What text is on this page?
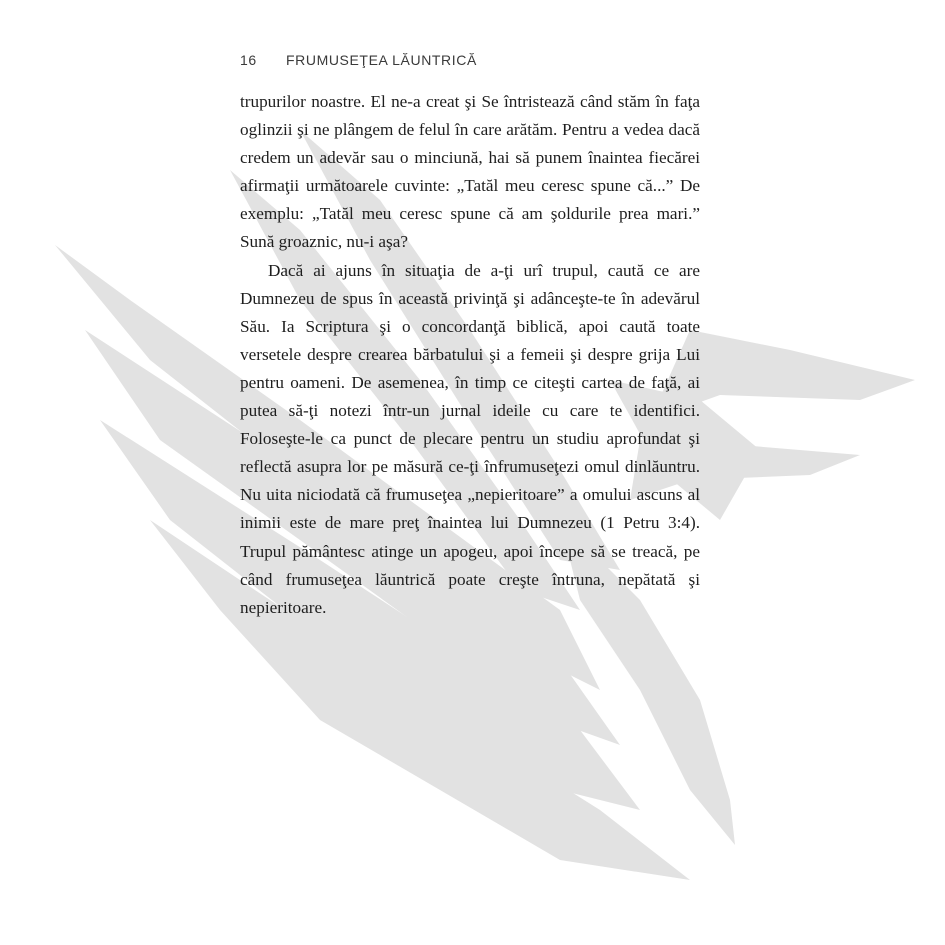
16	FRUMUSEŢEA LĂUNTRICĂ

trupurilor noastre. El ne-a creat şi Se întristează când stăm în faţa oglinzii şi ne plângem de felul în care arătăm. Pentru a vedea dacă credem un adevăr sau o minciună, hai să punem înaintea fiecărei afirmaţii următoarele cuvinte: „Tatăl meu ceresc spune că...” De exemplu: „Tatăl meu ceresc spune că am şoldurile prea mari.” Sună groaznic, nu-i aşa?

Dacă ai ajuns în situaţia de a-ţi urî trupul, caută ce are Dumnezeu de spus în această privinţă şi adânceşte-te în adevărul Său. Ia Scriptura şi o concordanţă biblică, apoi caută toate versetele despre crearea bărbatului şi a femeii şi despre grija Lui pentru oameni. De asemenea, în timp ce citeşti cartea de faţă, ai putea să-ţi notezi într-un jurnal ideile cu care te identifici. Foloseşte-le ca punct de plecare pentru un studiu aprofundat şi reflectă asupra lor pe măsură ce-ţi înfrumuseţezi omul dinlăuntru. Nu uita niciodată că frumuseţea „nepieritoare” a omului ascuns al inimii este de mare preţ înaintea lui Dumnezeu (1 Petru 3:4). Trupul pământesc atinge un apogeu, apoi începe să se treacă, pe când frumuseţea lăuntrică poate creşte întruna, nepătată şi nepieritoare.
